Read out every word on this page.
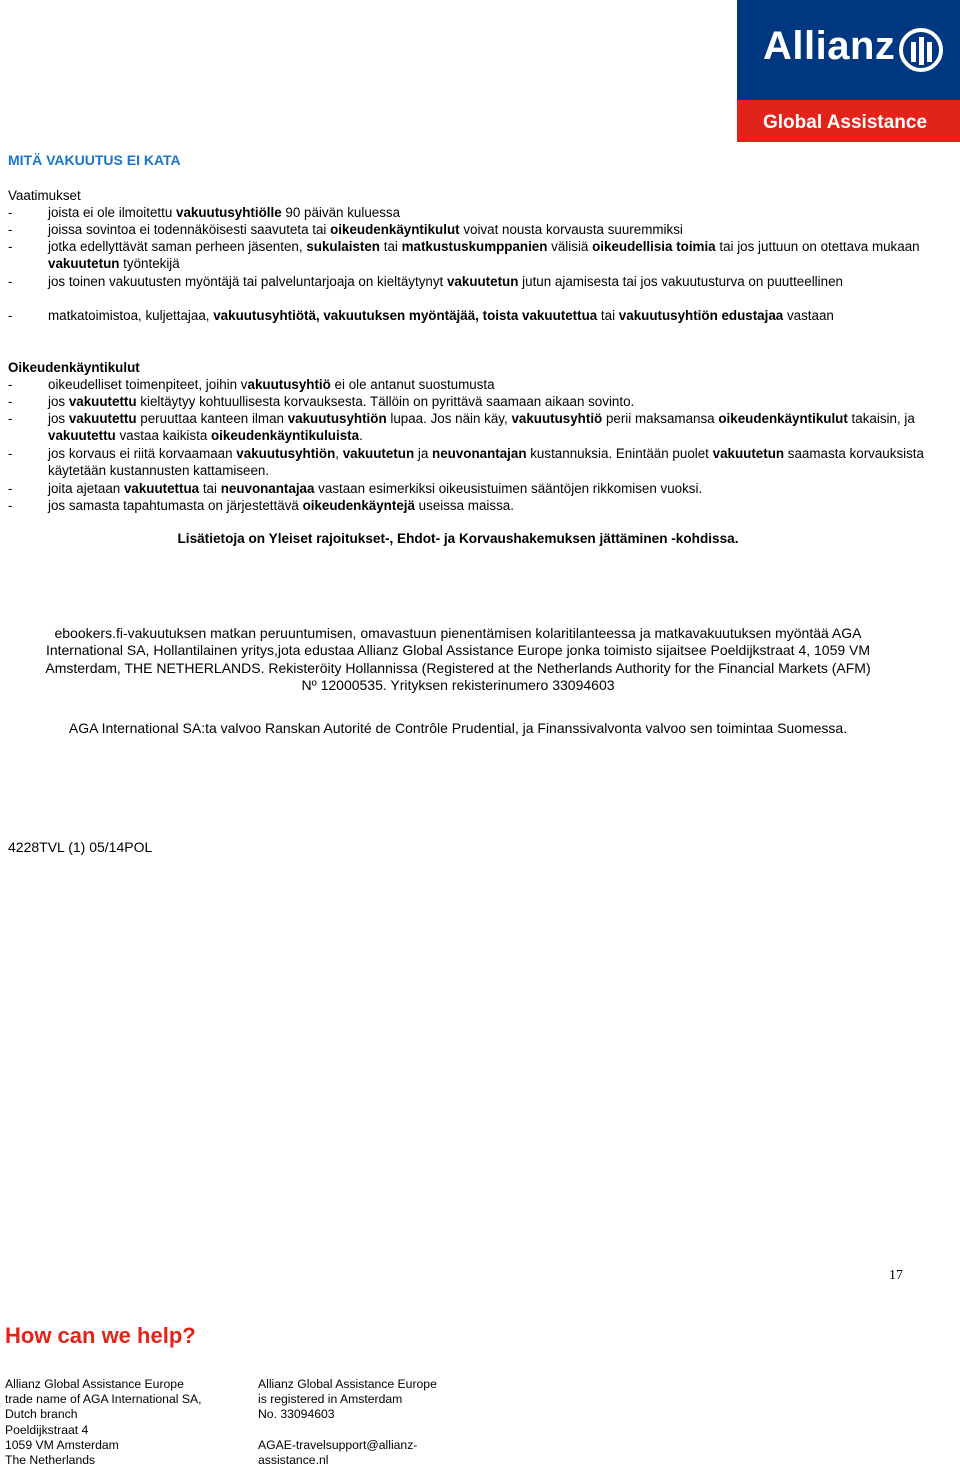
Allianz
Global Assistance
MITÄ VAKUUTUS EI KATA
Vaatimukset
-	joista ei ole ilmoitettu vakuutusyhtiölle 90 päivän kuluessa
-	joissa sovintoa ei todennäköisesti saavuteta tai oikeudenkäyntikulut voivat nousta korvausta suuremmiksi
-	jotka edellyttävät saman perheen jäsenten, sukulaisten tai matkustuskumppanien välisiä oikeudellisia toimia tai jos juttuun on otettava mukaan vakuutetun työntekijä
-	jos toinen vakuutusten myöntäjä tai palveluntarjoaja on kieltäytynyt vakuutetun jutun ajamisesta tai jos vakuutusturva on puutteellinen
-	matkatoimistoa, kuljettajaa, vakuutusyhtiötä, vakuutuksen myöntäjää, toista vakuutettua tai vakuutusyhtiön edustajaa vastaan
Oikeudenkäyntikulut
-	oikeudelliset toimenpiteet, joihin vakuutusyhtiö ei ole antanut suostumusta
-	jos vakuutettu kieltäytyy kohtuullisesta korvauksesta. Tällöin on pyrittävä saamaan aikaan sovinto.
-	jos vakuutettu peruuttaa kanteen ilman vakuutusyhtiön lupaa. Jos näin käy, vakuutusyhtiö perii maksamansa oikeudenkäyntikulut takaisin, ja vakuutettu vastaa kaikista oikeudenkäyntikuluista.
-	jos korvaus ei riitä korvaamaan vakuutusyhtiön, vakuutetun ja neuvonantajan kustannuksia. Enintään puolet vakuutetun saamasta korvauksista käytetään kustannusten kattamiseen.
-	joita ajetaan vakuutettua tai neuvonantajaa vastaan esimerkiksi oikeusistuimen sääntöjen rikkomisen vuoksi.
-	jos samasta tapahtumasta on järjestettävä oikeudenkäyntejä useissa maissa.
Lisätietoja on Yleiset rajoitukset-, Ehdot- ja Korvaushakemuksen jättäminen -kohdissa.
ebookers.fi-vakuutuksen matkan peruuntumisen, omavastuun pienentämisen kolaritilanteessa ja matkavakuutuksen myöntää AGA
International SA, Hollantilainen yritys,jota edustaa Allianz Global Assistance Europe jonka toimisto sijaitsee Poeldijkstraat 4, 1059 VM
Amsterdam, THE NETHERLANDS. Rekisteröity Hollannissa (Registered at the Netherlands Authority for the Financial Markets (AFM)
Nº 12000535. Yrityksen rekisterinumero 33094603
AGA International SA:ta valvoo Ranskan Autorité de Contrôle Prudential, ja Finanssivalvonta valvoo sen toimintaa Suomessa.
4228TVL (1) 05/14POL
17
How can we help?
Allianz Global Assistance Europe
trade name of AGA International SA,
Dutch branch
Poeldijkstraat 4
1059 VM Amsterdam
The Netherlands
Allianz Global Assistance Europe
is registered in Amsterdam
No. 33094603
AGAE-travelsupport@allianz-
assistance.nl
